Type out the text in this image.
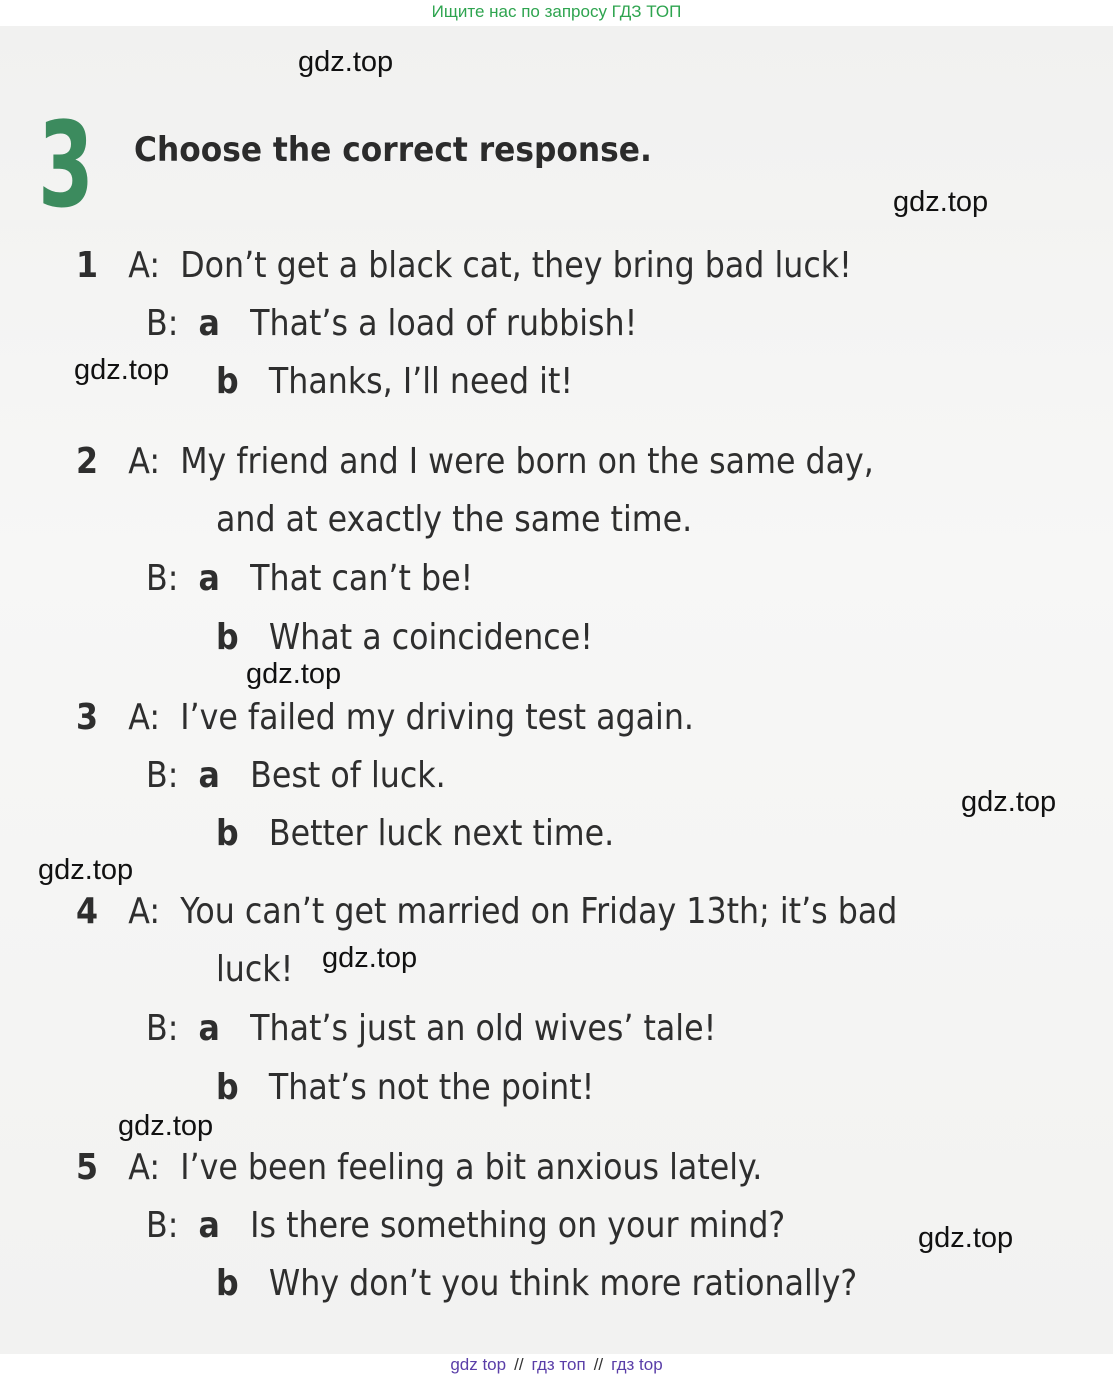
Ищите нас по запросу ГДЗ ТОП
3 Choose the correct response.
1 A: Don’t get a black cat, they bring bad luck!
B: a That’s a load of rubbish!
b Thanks, I’ll need it!
2 A: My friend and I were born on the same day,
and at exactly the same time.
B: a That can’t be!
b What a coincidence!
3 A: I’ve failed my driving test again.
B: a Best of luck.
b Better luck next time.
4 A: You can’t get married on Friday 13th; it’s bad
luck!
B: a That’s just an old wives’ tale!
b That’s not the point!
5 A: I’ve been feeling a bit anxious lately.
B: a Is there something on your mind?
b Why don’t you think more rationally?
gdz.top
gdz.top
gdz.top
gdz.top
gdz.top
gdz.top
gdz.top
gdz.top
gdz.top
gdz top // гдз топ // гдз top
